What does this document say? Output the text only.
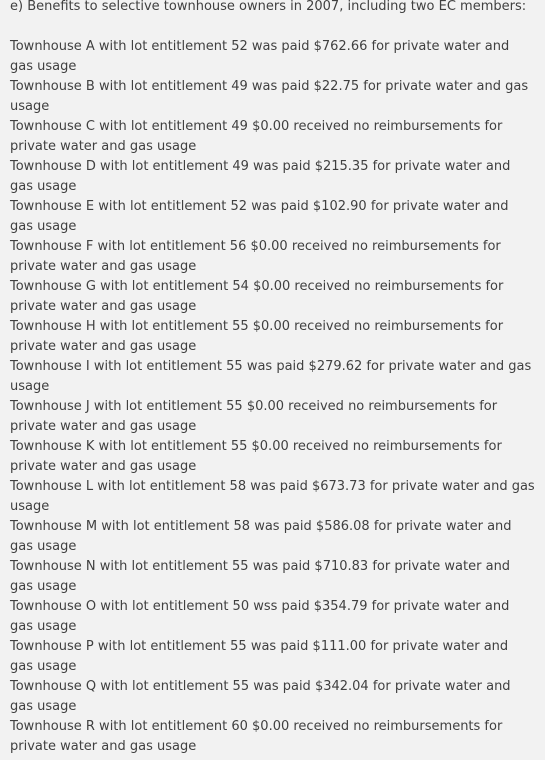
e) Benefits to selective townhouse owners in 2007, including two EC members:

Townhouse A with lot entitlement 52 was paid $762.66 for private water and gas usage

Townhouse B with lot entitlement 49 was paid $22.75 for private water and gas usage

Townhouse C with lot entitlement 49 $0.00 received no reimbursements for private water and gas usage

Townhouse D with lot entitlement 49 was paid $215.35 for private water and gas usage

Townhouse E with lot entitlement 52 was paid $102.90 for private water and gas usage

Townhouse F with lot entitlement 56 $0.00 received no reimbursements for private water and gas usage

Townhouse G with lot entitlement 54 $0.00 received no reimbursements for private water and gas usage

Townhouse H with lot entitlement 55 $0.00 received no reimbursements for private water and gas usage

Townhouse I with lot entitlement 55 was paid $279.62 for private water and gas usage

Townhouse J with lot entitlement 55 $0.00 received no reimbursements for private water and gas usage

Townhouse K with lot entitlement 55 $0.00 received no reimbursements for private water and gas usage

Townhouse L with lot entitlement 58 was paid $673.73 for private water and gas usage

Townhouse M with lot entitlement 58 was paid $586.08 for private water and gas usage

Townhouse N with lot entitlement 55 was paid $710.83 for private water and gas usage

Townhouse O with lot entitlement 50 wss paid $354.79 for private water and gas usage

Townhouse P with lot entitlement 55 was paid $111.00 for private water and gas usage

Townhouse Q with lot entitlement 55 was paid $342.04 for private water and gas usage

Townhouse R with lot entitlement 60 $0.00 received no reimbursements for private water and gas usage
